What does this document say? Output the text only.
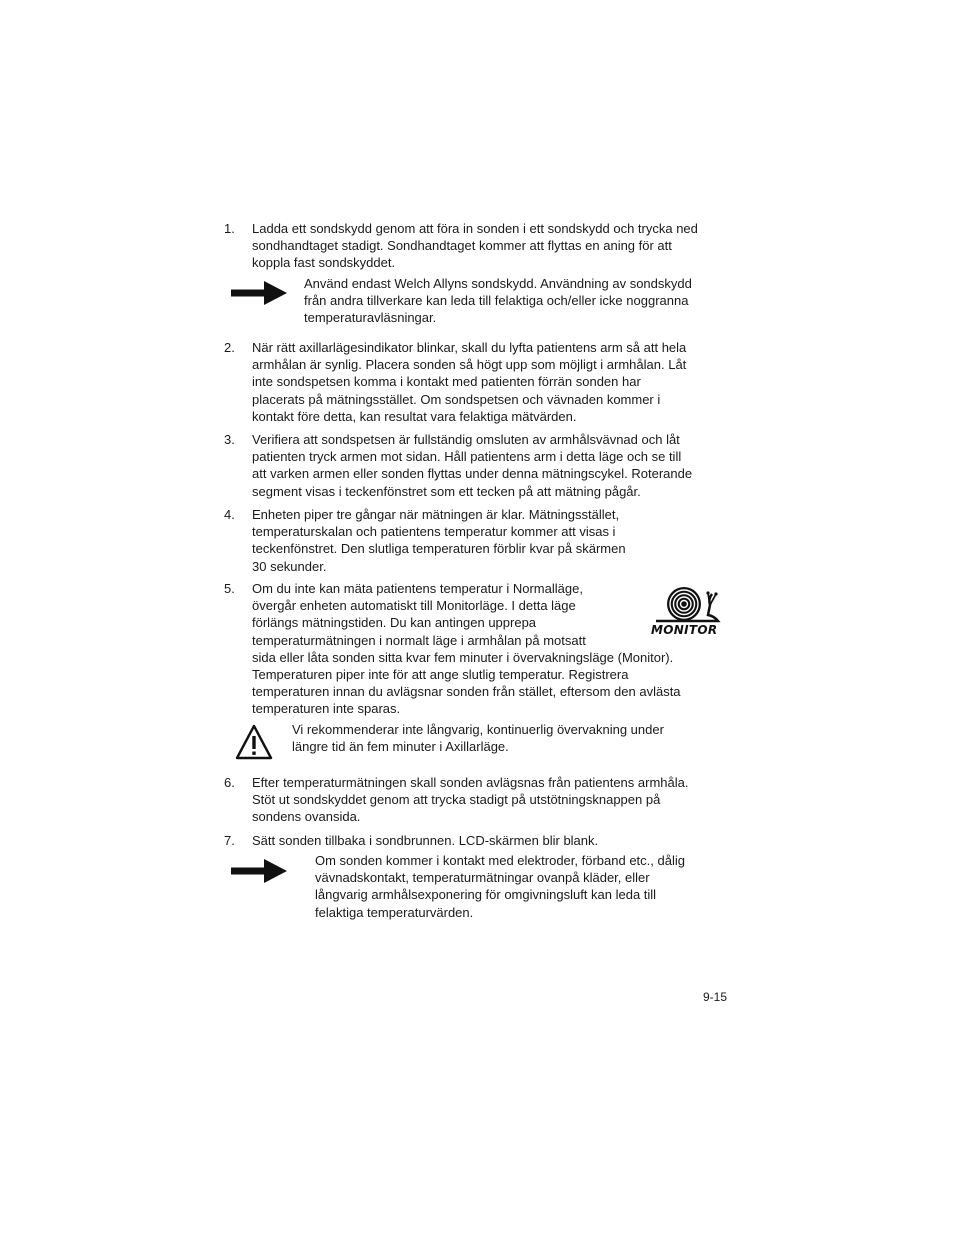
1. Ladda ett sondskydd genom att föra in sonden i ett sondskydd och trycka ned
sondhandtaget stadigt. Sondhandtaget kommer att flyttas en aning för att
koppla fast sondskyddet.
Använd endast Welch Allyns sondskydd. Användning av sondskydd
från andra tillverkare kan leda till felaktiga och/eller icke noggranna
temperaturavläsningar.
2. När rätt axillarlägesindikator blinkar, skall du lyfta patientens arm så att hela
armhålan är synlig. Placera sonden så högt upp som möjligt i armhålan. Låt
inte sondspetsen komma i kontakt med patienten förrän sonden har
placerats på mätningsstället. Om sondspetsen och vävnaden kommer i
kontakt före detta, kan resultat vara felaktiga mätvärden.
3. Verifiera att sondspetsen är fullständig omsluten av armhålsvävnad och låt
patienten tryck armen mot sidan. Håll patientens arm i detta läge och se till
att varken armen eller sonden flyttas under denna mätningscykel. Roterande
segment visas i teckenfönstret som ett tecken på att mätning pågår.
4. Enheten piper tre gångar när mätningen är klar. Mätningsstället,
temperaturskalan och patientens temperatur kommer att visas i
teckenfönstret. Den slutliga temperaturen förblir kvar på skärmen
30 sekunder.
5. Om du inte kan mäta patientens temperatur i Normalläge,
övergår enheten automatiskt till Monitorläge. I detta läge
förlängs mätningstiden. Du kan antingen upprepa
temperaturmätningen i normalt läge i armhålan på motsatt
sida eller låta sonden sitta kvar fem minuter i övervakningsläge (Monitor).
Temperaturen piper inte för att ange slutlig temperatur. Registrera
temperaturen innan du avlägsnar sonden från stället, eftersom den avlästa
temperaturen inte sparas.
MONITOR
Vi rekommenderar inte långvarig, kontinuerlig övervakning under
längre tid än fem minuter i Axillarläge.
6. Efter temperaturmätningen skall sonden avlägsnas från patientens armhåla.
Stöt ut sondskyddet genom att trycka stadigt på utstötningsknappen på
sondens ovansida.
7. Sätt sonden tillbaka i sondbrunnen. LCD-skärmen blir blank.
Om sonden kommer i kontakt med elektroder, förband etc., dålig
vävnadskontakt, temperaturmätningar ovanpå kläder, eller
långvarig armhålsexponering för omgivningsluft kan leda till
felaktiga temperaturvärden.
9-15
